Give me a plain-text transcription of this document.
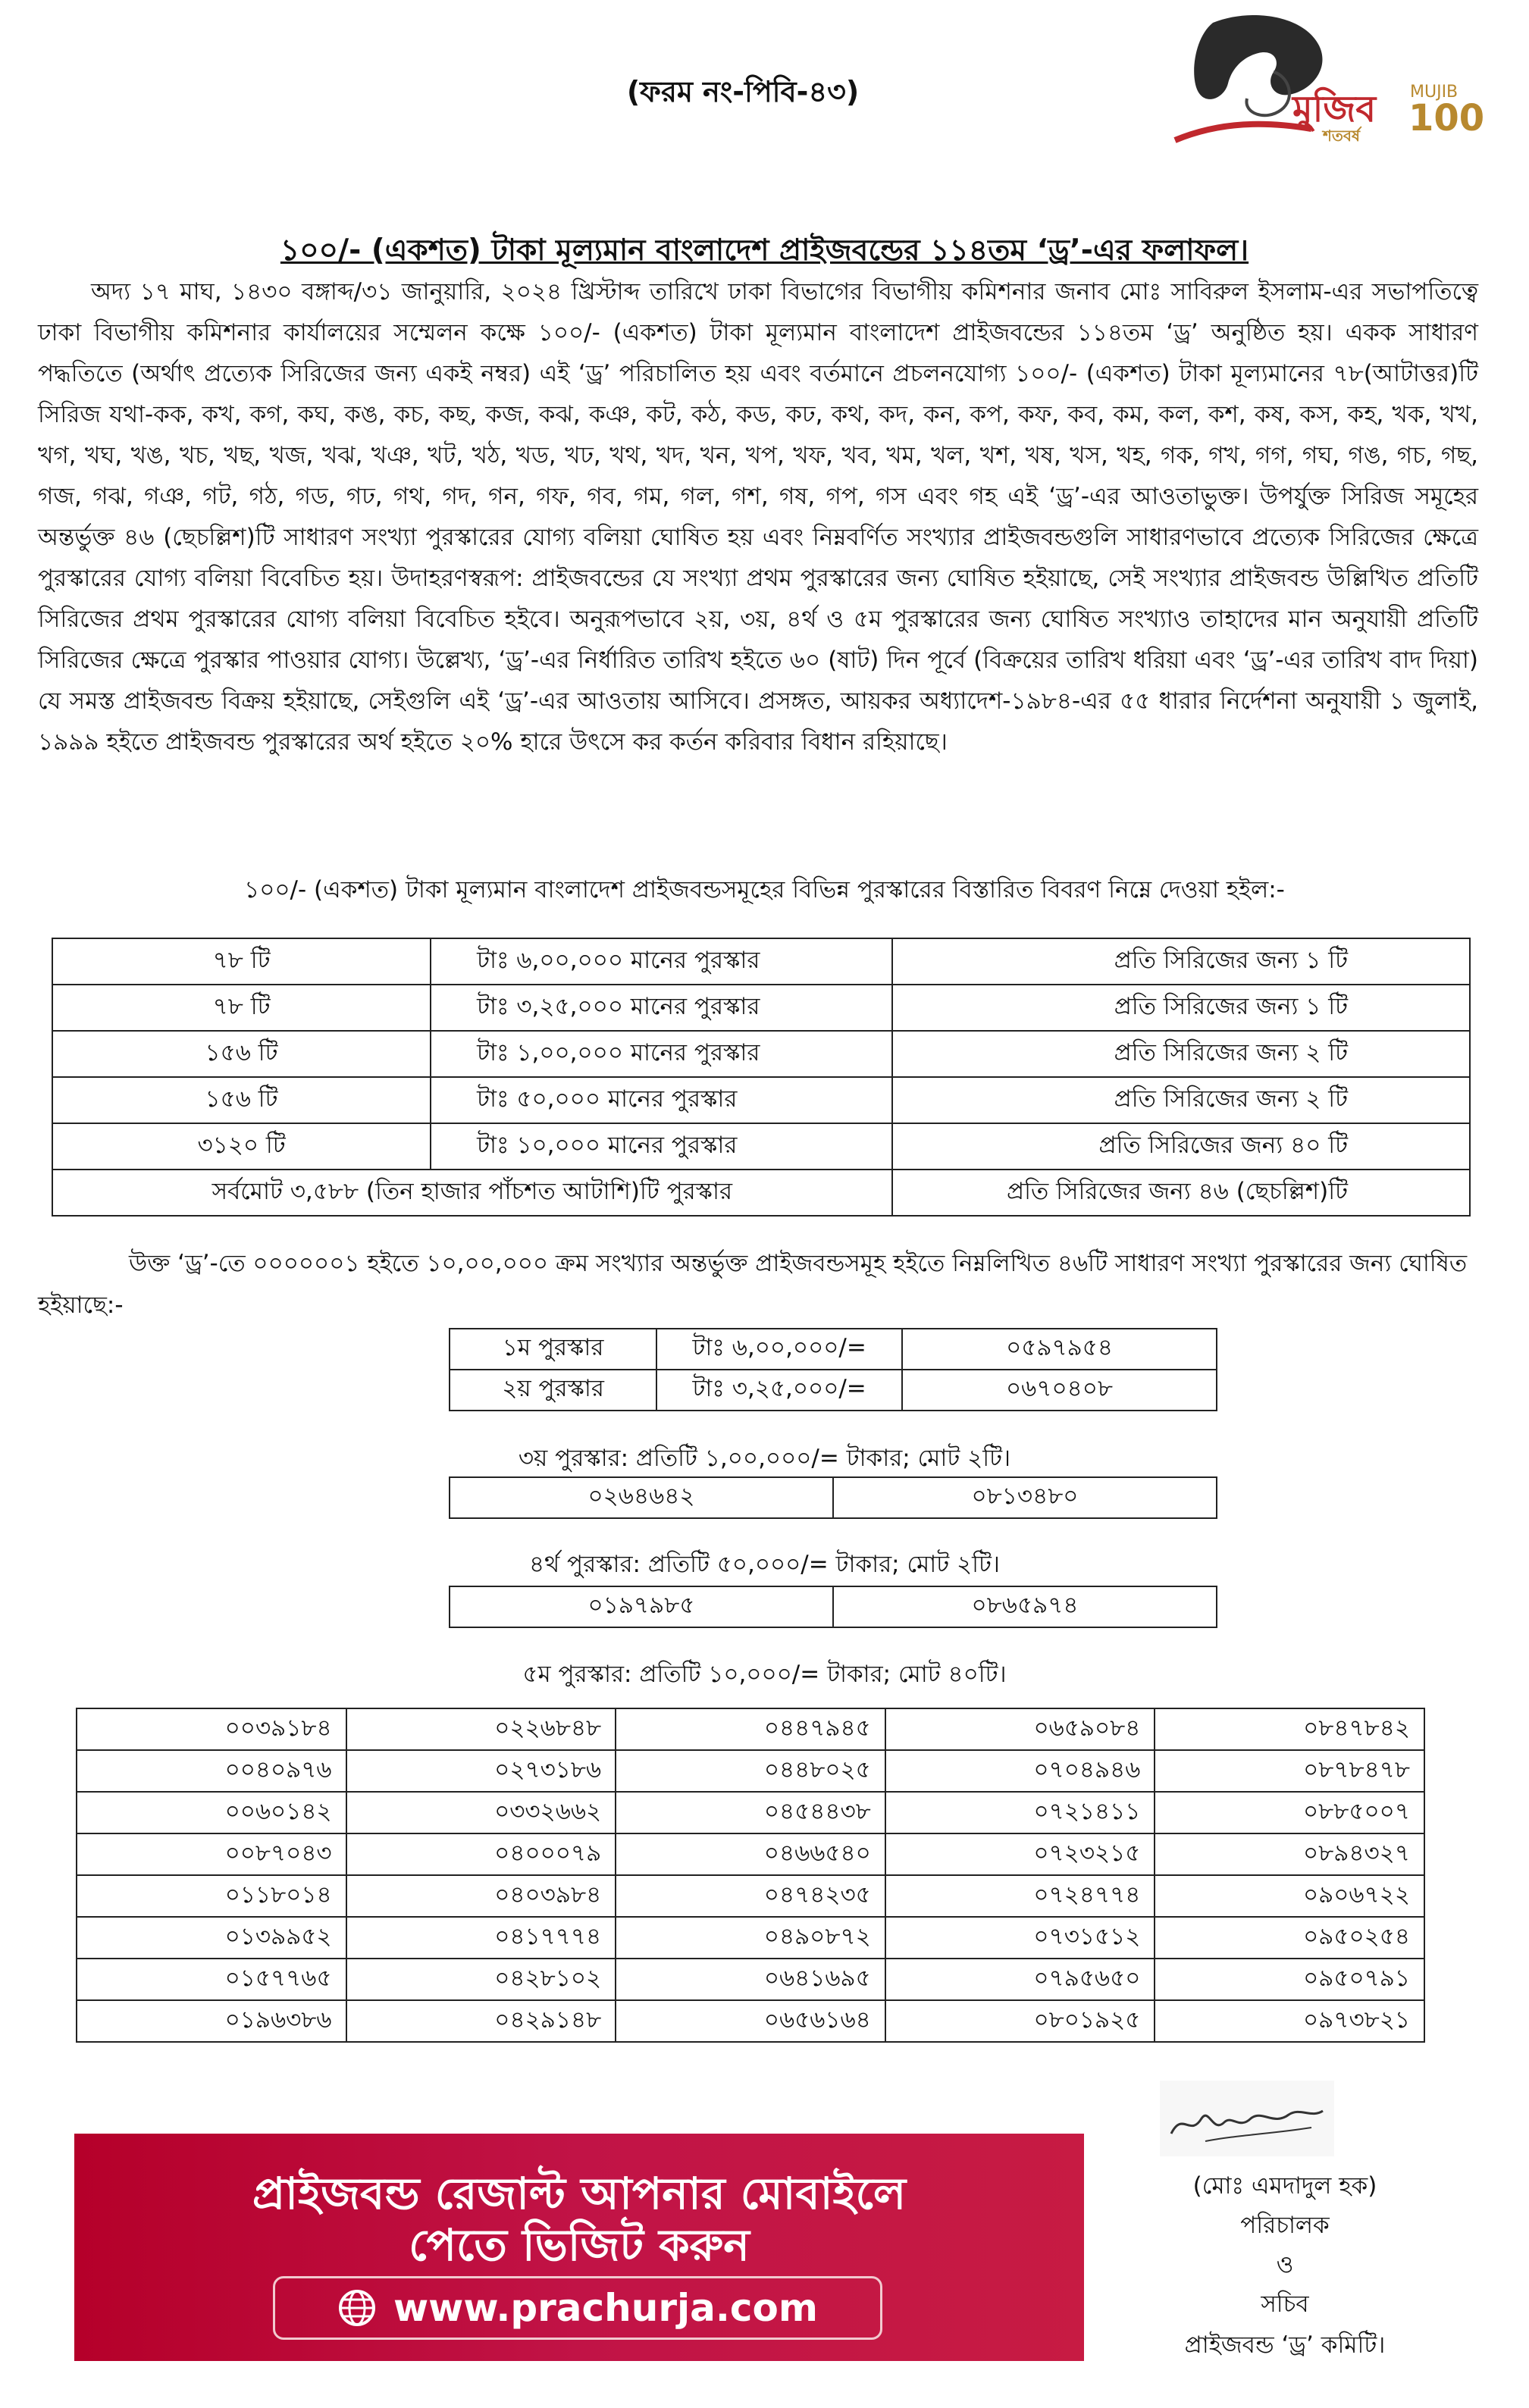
(ফরম নং-পিবি-৪৩)	মুজিব
শতবর্ষ
MUJIB
100
১০০/- (একশত) টাকা মূল্যমান বাংলাদেশ প্রাইজবন্ডের ১১৪তম ‘ড্র’-এর ফলাফল।

অদ্য ১৭ মাঘ, ১৪৩০ বঙ্গাব্দ/৩১ জানুয়ারি, ২০২৪ খ্রিস্টাব্দ তারিখে ঢাকা বিভাগের বিভাগীয় কমিশনার জনাব মোঃ সাবিরুল ইসলাম-এর সভাপতিত্বে ঢাকা বিভাগীয় কমিশনার কার্যালয়ের সম্মেলন কক্ষে ১০০/- (একশত) টাকা মূল্যমান বাংলাদেশ প্রাইজবন্ডের ১১৪তম ‘ড্র’ অনুষ্ঠিত হয়। একক সাধারণ পদ্ধতিতে (অর্থাৎ প্রত্যেক সিরিজের জন্য একই নম্বর) এই ‘ড্র’ পরিচালিত হয় এবং বর্তমানে প্রচলনযোগ্য ১০০/- (একশত) টাকা মূল্যমানের ৭৮(আটাত্তর)টি সিরিজ যথা-কক, কখ, কগ, কঘ, কঙ, কচ, কছ, কজ, কঝ, কঞ, কট, কঠ, কড, কঢ, কথ, কদ, কন, কপ, কফ, কব, কম, কল, কশ, কষ, কস, কহ, খক, খখ, খগ, খঘ, খঙ, খচ, খছ, খজ, খঝ, খঞ, খট, খঠ, খড, খঢ, খথ, খদ, খন, খপ, খফ, খব, খম, খল, খশ, খষ, খস, খহ, গক, গখ, গগ, গঘ, গঙ, গচ, গছ, গজ, গঝ, গঞ, গট, গঠ, গড, গঢ, গথ, গদ, গন, গফ, গব, গম, গল, গশ, গষ, গপ, গস এবং গহ এই ‘ড্র’-এর আওতাভুক্ত। উপর্যুক্ত সিরিজ সমূহের অন্তর্ভুক্ত ৪৬ (ছেচল্লিশ)টি সাধারণ সংখ্যা পুরস্কারের যোগ্য বলিয়া ঘোষিত হয় এবং নিম্নবর্ণিত সংখ্যার প্রাইজবন্ডগুলি সাধারণভাবে প্রত্যেক সিরিজের ক্ষেত্রে পুরস্কারের যোগ্য বলিয়া বিবেচিত হয়। উদাহরণস্বরূপ: প্রাইজবন্ডের যে সংখ্যা প্রথম পুরস্কারের জন্য ঘোষিত হইয়াছে, সেই সংখ্যার প্রাইজবন্ড উল্লিখিত প্রতিটি সিরিজের প্রথম পুরস্কারের যোগ্য বলিয়া বিবেচিত হইবে। অনুরূপভাবে ২য়, ৩য়, ৪র্থ ও ৫ম পুরস্কারের জন্য ঘোষিত সংখ্যাও তাহাদের মান অনুযায়ী প্রতিটি সিরিজের ক্ষেত্রে পুরস্কার পাওয়ার যোগ্য। উল্লেখ্য, ‘ড্র’-এর নির্ধারিত তারিখ হইতে ৬০ (ষাট) দিন পূর্বে (বিক্রয়ের তারিখ ধরিয়া এবং ‘ড্র’-এর তারিখ বাদ দিয়া) যে সমস্ত প্রাইজবন্ড বিক্রয় হইয়াছে, সেইগুলি এই ‘ড্র’-এর আওতায় আসিবে। প্রসঙ্গত, আয়কর অধ্যাদেশ-১৯৮৪-এর ৫৫ ধারার নির্দেশনা অনুযায়ী ১ জুলাই, ১৯৯৯ হইতে প্রাইজবন্ড পুরস্কারের অর্থ হইতে ২০% হারে উৎসে কর কর্তন করিবার বিধান রহিয়াছে।

১০০/- (একশত) টাকা মূল্যমান বাংলাদেশ প্রাইজবন্ডসমূহের বিভিন্ন পুরস্কারের বিস্তারিত বিবরণ নিম্নে দেওয়া হইল:-
৭৮ টি	টাঃ ৬,০০,০০০ মানের পুরস্কার	প্রতি সিরিজের জন্য ১ টি
৭৮ টি	টাঃ ৩,২৫,০০০ মানের পুরস্কার	প্রতি সিরিজের জন্য ১ টি
১৫৬ টি	টাঃ ১,০০,০০০ মানের পুরস্কার	প্রতি সিরিজের জন্য ২ টি
১৫৬ টি	টাঃ ৫০,০০০ মানের পুরস্কার	প্রতি সিরিজের জন্য ২ টি
৩১২০ টি	টাঃ ১০,০০০ মানের পুরস্কার	প্রতি সিরিজের জন্য ৪০ টি
সর্বমোট ৩,৫৮৮ (তিন হাজার পাঁচশত আটাশি)টি পুরস্কার		প্রতি সিরিজের জন্য ৪৬ (ছেচল্লিশ)টি

উক্ত ‘ড্র’-তে ০০০০০০১ হইতে ১০,০০,০০০ ক্রম সংখ্যার অন্তর্ভুক্ত প্রাইজবন্ডসমূহ হইতে নিম্নলিখিত ৪৬টি সাধারণ সংখ্যা পুরস্কারের জন্য ঘোষিত হইয়াছে:-

১ম পুরস্কার	টাঃ ৬,০০,০০০/=	০৫৯৭৯৫৪
২য় পুরস্কার	টাঃ ৩,২৫,০০০/=	০৬৭০৪০৮
৩য় পুরস্কার: প্রতিটি ১,০০,০০০/= টাকার; মোট ২টি।
০২৬৪৬৪২	০৮১৩৪৮০
৪র্থ পুরস্কার: প্রতিটি ৫০,০০০/= টাকার; মোট ২টি।
০১৯৭৯৮৫	০৮৬৫৯৭৪
৫ম পুরস্কার: প্রতিটি ১০,০০০/= টাকার; মোট ৪০টি।
০০৩৯১৮৪	০২২৬৮৪৮	০৪৪৭৯৪৫	০৬৫৯০৮৪	০৮৪৭৮৪২
০০৪০৯৭৬	০২৭৩১৮৬	০৪৪৮০২৫	০৭০৪৯৪৬	০৮৭৮৪৭৮
০০৬০১৪২	০৩৩২৬৬২	০৪৫৪৪৩৮	০৭২১৪১১	০৮৮৫০০৭
০০৮৭০৪৩	০৪০০০৭৯	০৪৬৬৫৪০	০৭২৩২১৫	০৮৯৪৩২৭
০১১৮০১৪	০৪০৩৯৮৪	০৪৭৪২৩৫	০৭২৪৭৭৪	০৯০৬৭২২
০১৩৯৯৫২	০৪১৭৭৭৪	০৪৯০৮৭২	০৭৩১৫১২	০৯৫০২৫৪
০১৫৭৭৬৫	০৪২৮১০২	০৬৪১৬৯৫	০৭৯৫৬৫০	০৯৫০৭৯১
০১৯৬৩৮৬	০৪২৯১৪৮	০৬৫৬১৬৪	০৮০১৯২৫	০৯৭৩৮২১
প্রাইজবন্ড রেজাল্ট আপনার মোবাইলে
পেতে ভিজিট করুন
www.prachurja.com
(মোঃ এমদাদুল হক)
পরিচালক
ও
সচিব
প্রাইজবন্ড ‘ড্র’ কমিটি।
